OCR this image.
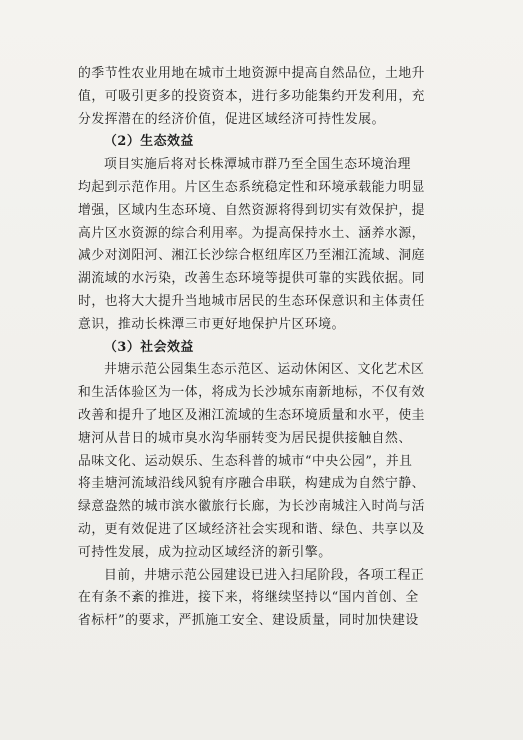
的季节性农业用地在城市土地资源中提高自然品位，土地升
值，可吸引更多的投资资本，进行多功能集约开发利用，充
分发挥潜在的经济价值，促进区域经济可持性发展。

（2）生态效益

项目实施后将对长株潭城市群乃至全国生态环境治理
均起到示范作用。片区生态系统稳定性和环境承载能力明显
增强，区域内生态环境、自然资源将得到切实有效保护，提
高片区水资源的综合利用率。为提高保持水土、涵养水源，
减少对浏阳河、湘江长沙综合枢纽库区乃至湘江流域、洞庭
湖流域的水污染，改善生态环境等提供可靠的实践依据。同
时，也将大大提升当地城市居民的生态环保意识和主体责任
意识，推动长株潭三市更好地保护片区环境。

（3）社会效益

井塘示范公园集生态示范区、运动休闲区、文化艺术区
和生活体验区为一体，将成为长沙城东南新地标，不仅有效
改善和提升了地区及湘江流域的生态环境质量和水平，使圭
塘河从昔日的城市臭水沟华丽转变为居民提供接触自然、
品味文化、运动娱乐、生态科普的城市“中央公园”，并且
将圭塘河流域沿线风貌有序融合串联，构建成为自然宁静、
绿意盎然的城市滨水徽旅行长廊，为长沙南城注入时尚与活
动，更有效促进了区域经济社会实现和谐、绿色、共享以及
可持性发展，成为拉动区域经济的新引擎。

目前，井塘示范公园建设已进入扫尾阶段，各项工程正
在有条不紊的推进，接下来，将继续坚持以“国内首创、全
省标杆”的要求，严抓施工安全、建设质量，同时加快建设
